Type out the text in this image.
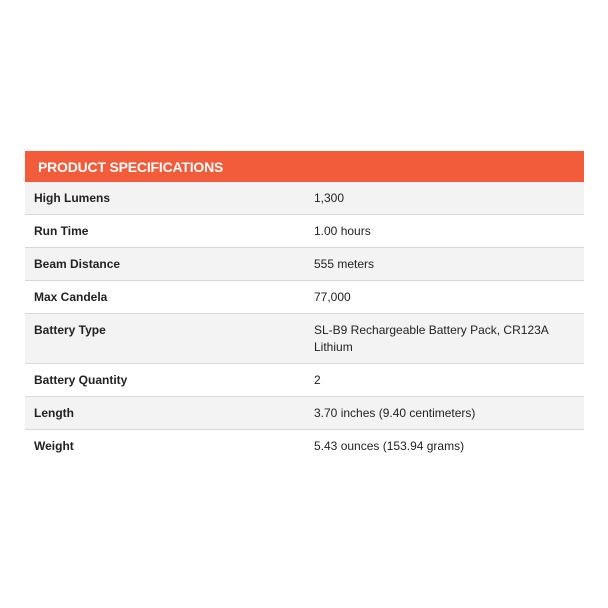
PRODUCT SPECIFICATIONS
High Lumens	1,300
Run Time	1.00 hours
Beam Distance	555 meters
Max Candela	77,000
Battery Type	SL-B9 Rechargeable Battery Pack, CR123A Lithium
Battery Quantity	2
Length	3.70 inches (9.40 centimeters)
Weight	5.43 ounces (153.94 grams)
